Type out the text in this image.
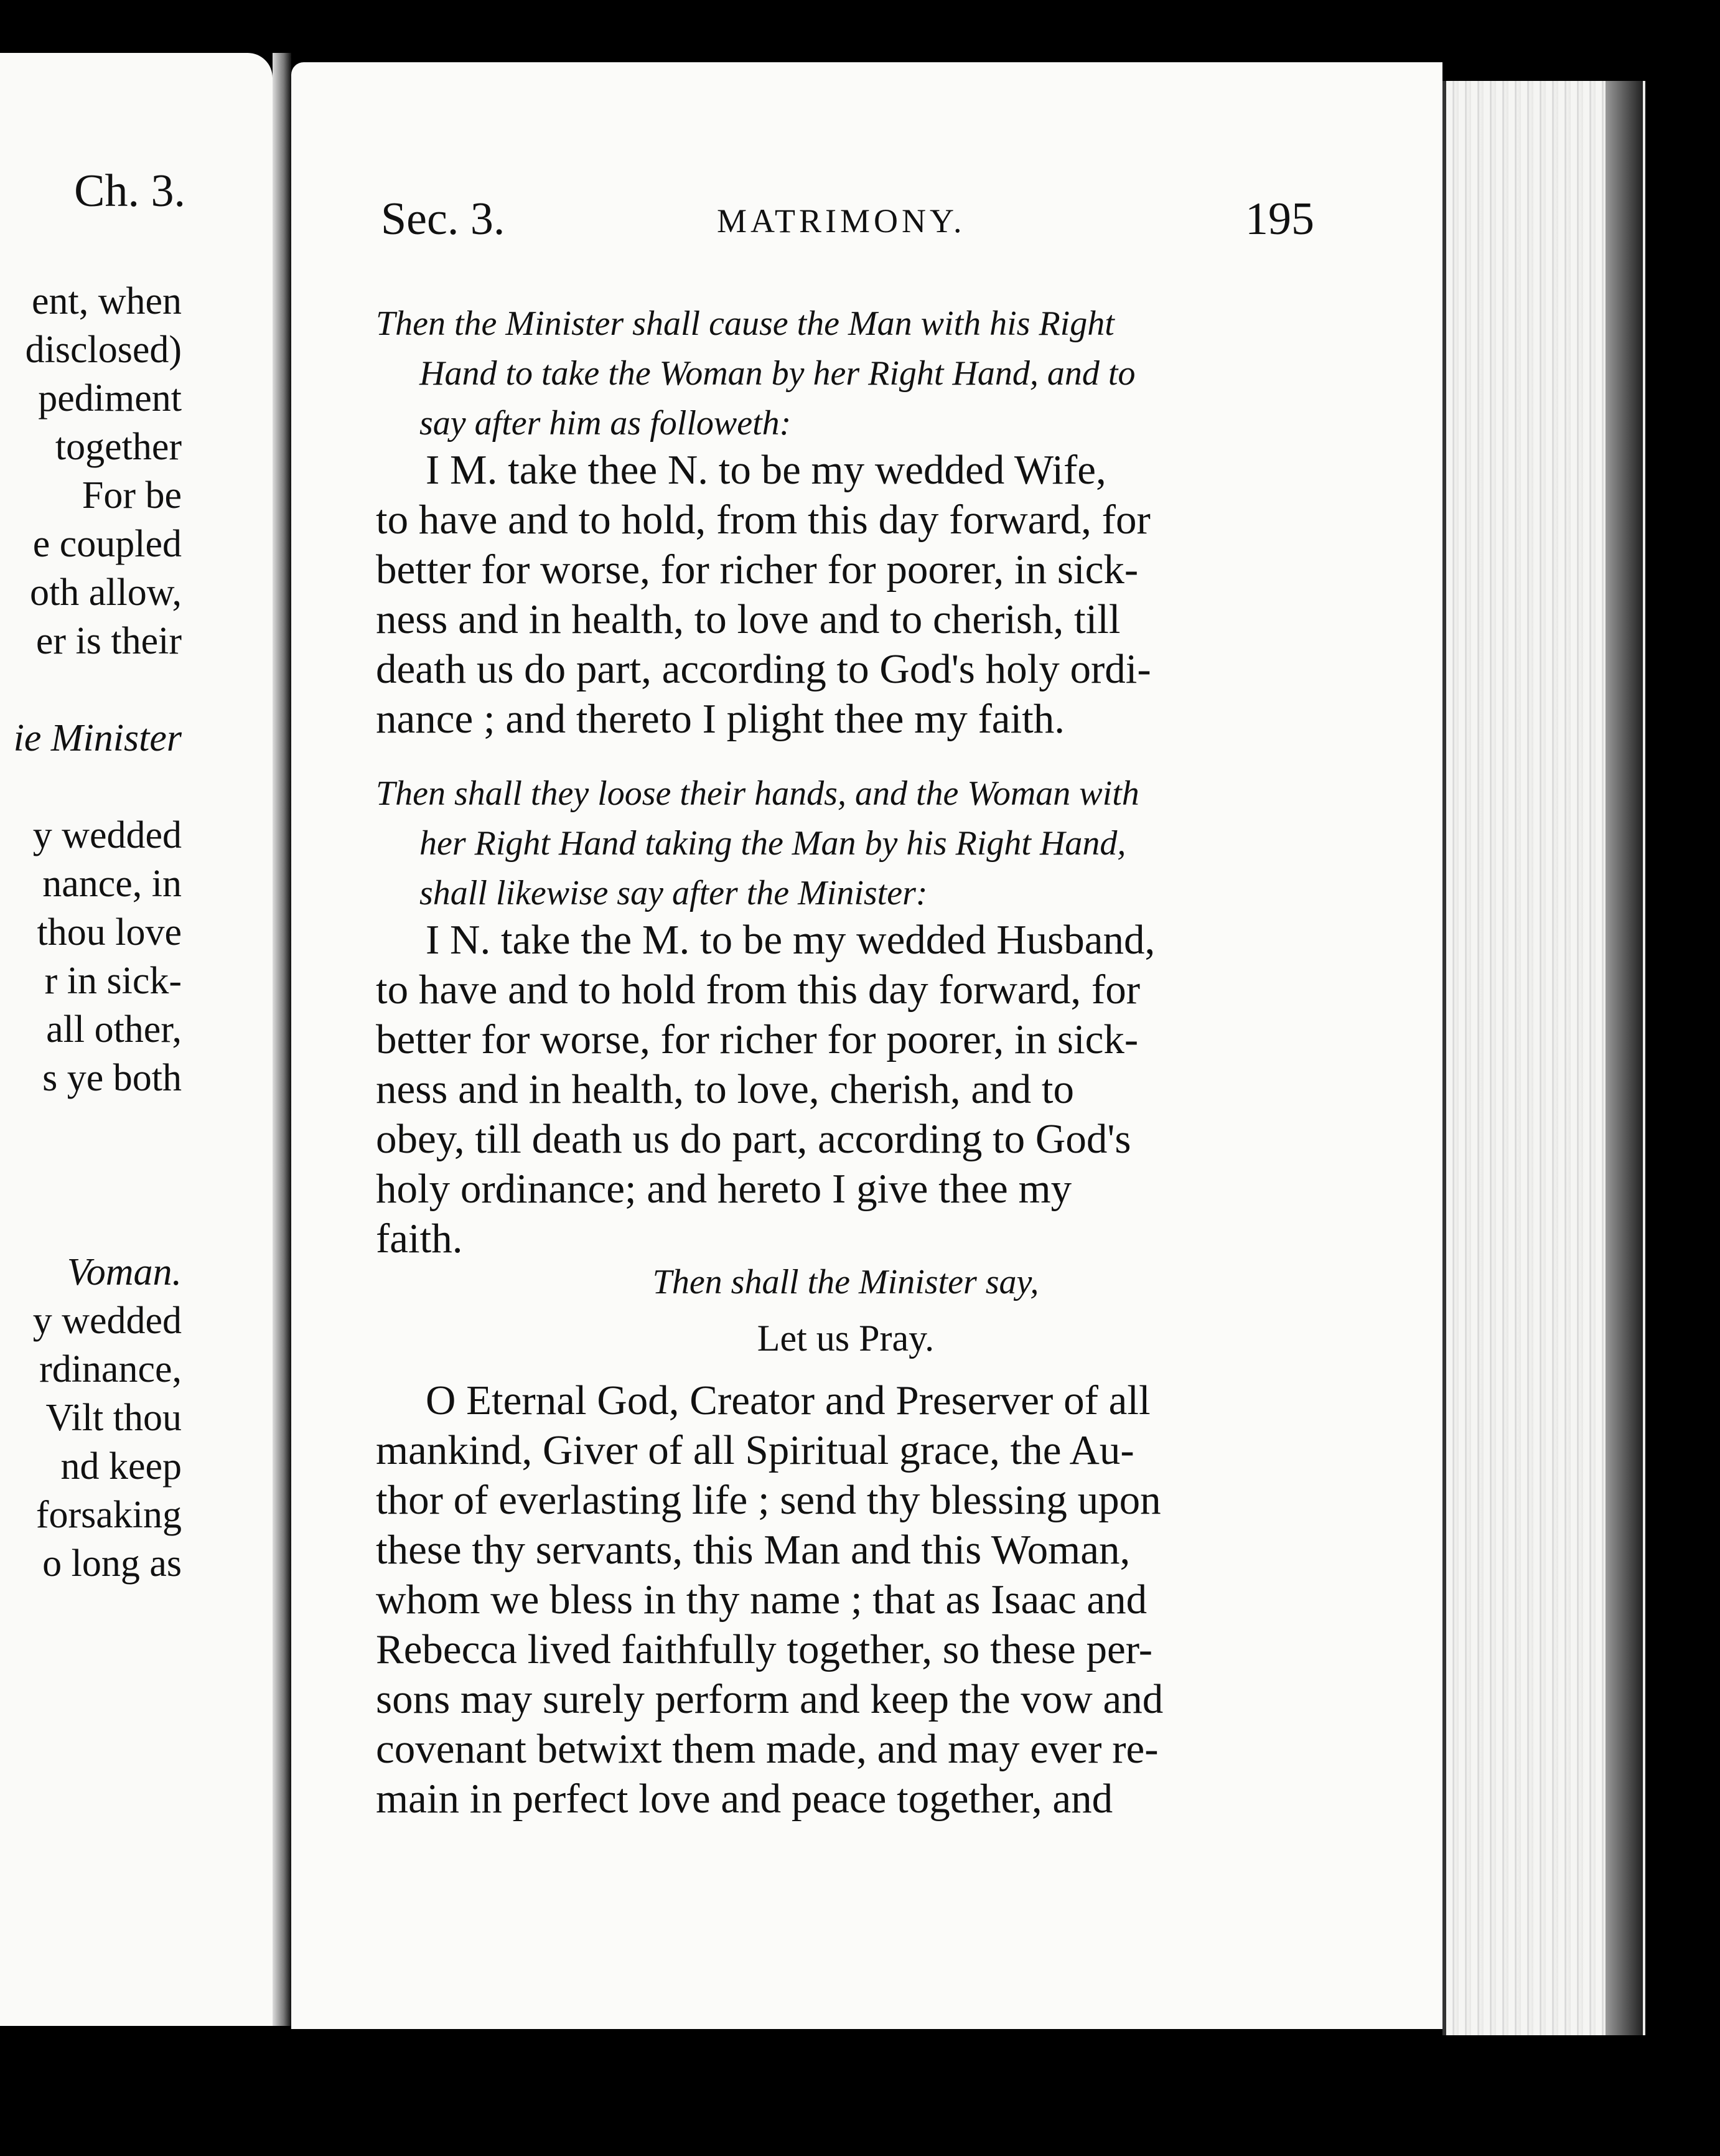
Ch. 3.
ent, when
disclosed)
pediment
together
For be
e coupled
oth allow,
er is their
ie Minister
y wedded
nance, in
thou love
r in sick-
all other,
s ye both
Voman.
y wedded
rdinance,
Vilt thou
nd keep
forsaking
o long as
Sec. 3.	MATRIMONY.	195
Then the Minister shall cause the Man with his Right
Hand to take the Woman by her Right Hand, and to
say after him as followeth:

I M. take thee N. to be my wedded Wife,

to have and to hold, from this day forward, for
better for worse, for richer for poorer, in sick-
ness and in health, to love and to cherish, till
death us do part, according to God's holy ordi-
nance ; and thereto I plight thee my faith.
Then shall they loose their hands, and the Woman with
her Right Hand taking the Man by his Right Hand,
shall likewise say after the Minister:

I N. take the M. to be my wedded Husband,

to have and to hold from this day forward, for
better for worse, for richer for poorer, in sick-
ness and in health, to love, cherish, and to
obey, till death us do part, according to God's
holy ordinance; and hereto I give thee my
faith.
Then shall the Minister say,
Let us Pray.

O Eternal God, Creator and Preserver of all

mankind, Giver of all Spiritual grace, the Au-
thor of everlasting life ; send thy blessing upon
these thy servants, this Man and this Woman,
whom we bless in thy name ; that as Isaac and
Rebecca lived faithfully together, so these per-
sons may surely perform and keep the vow and
covenant betwixt them made, and may ever re-
main in perfect love and peace together, and
